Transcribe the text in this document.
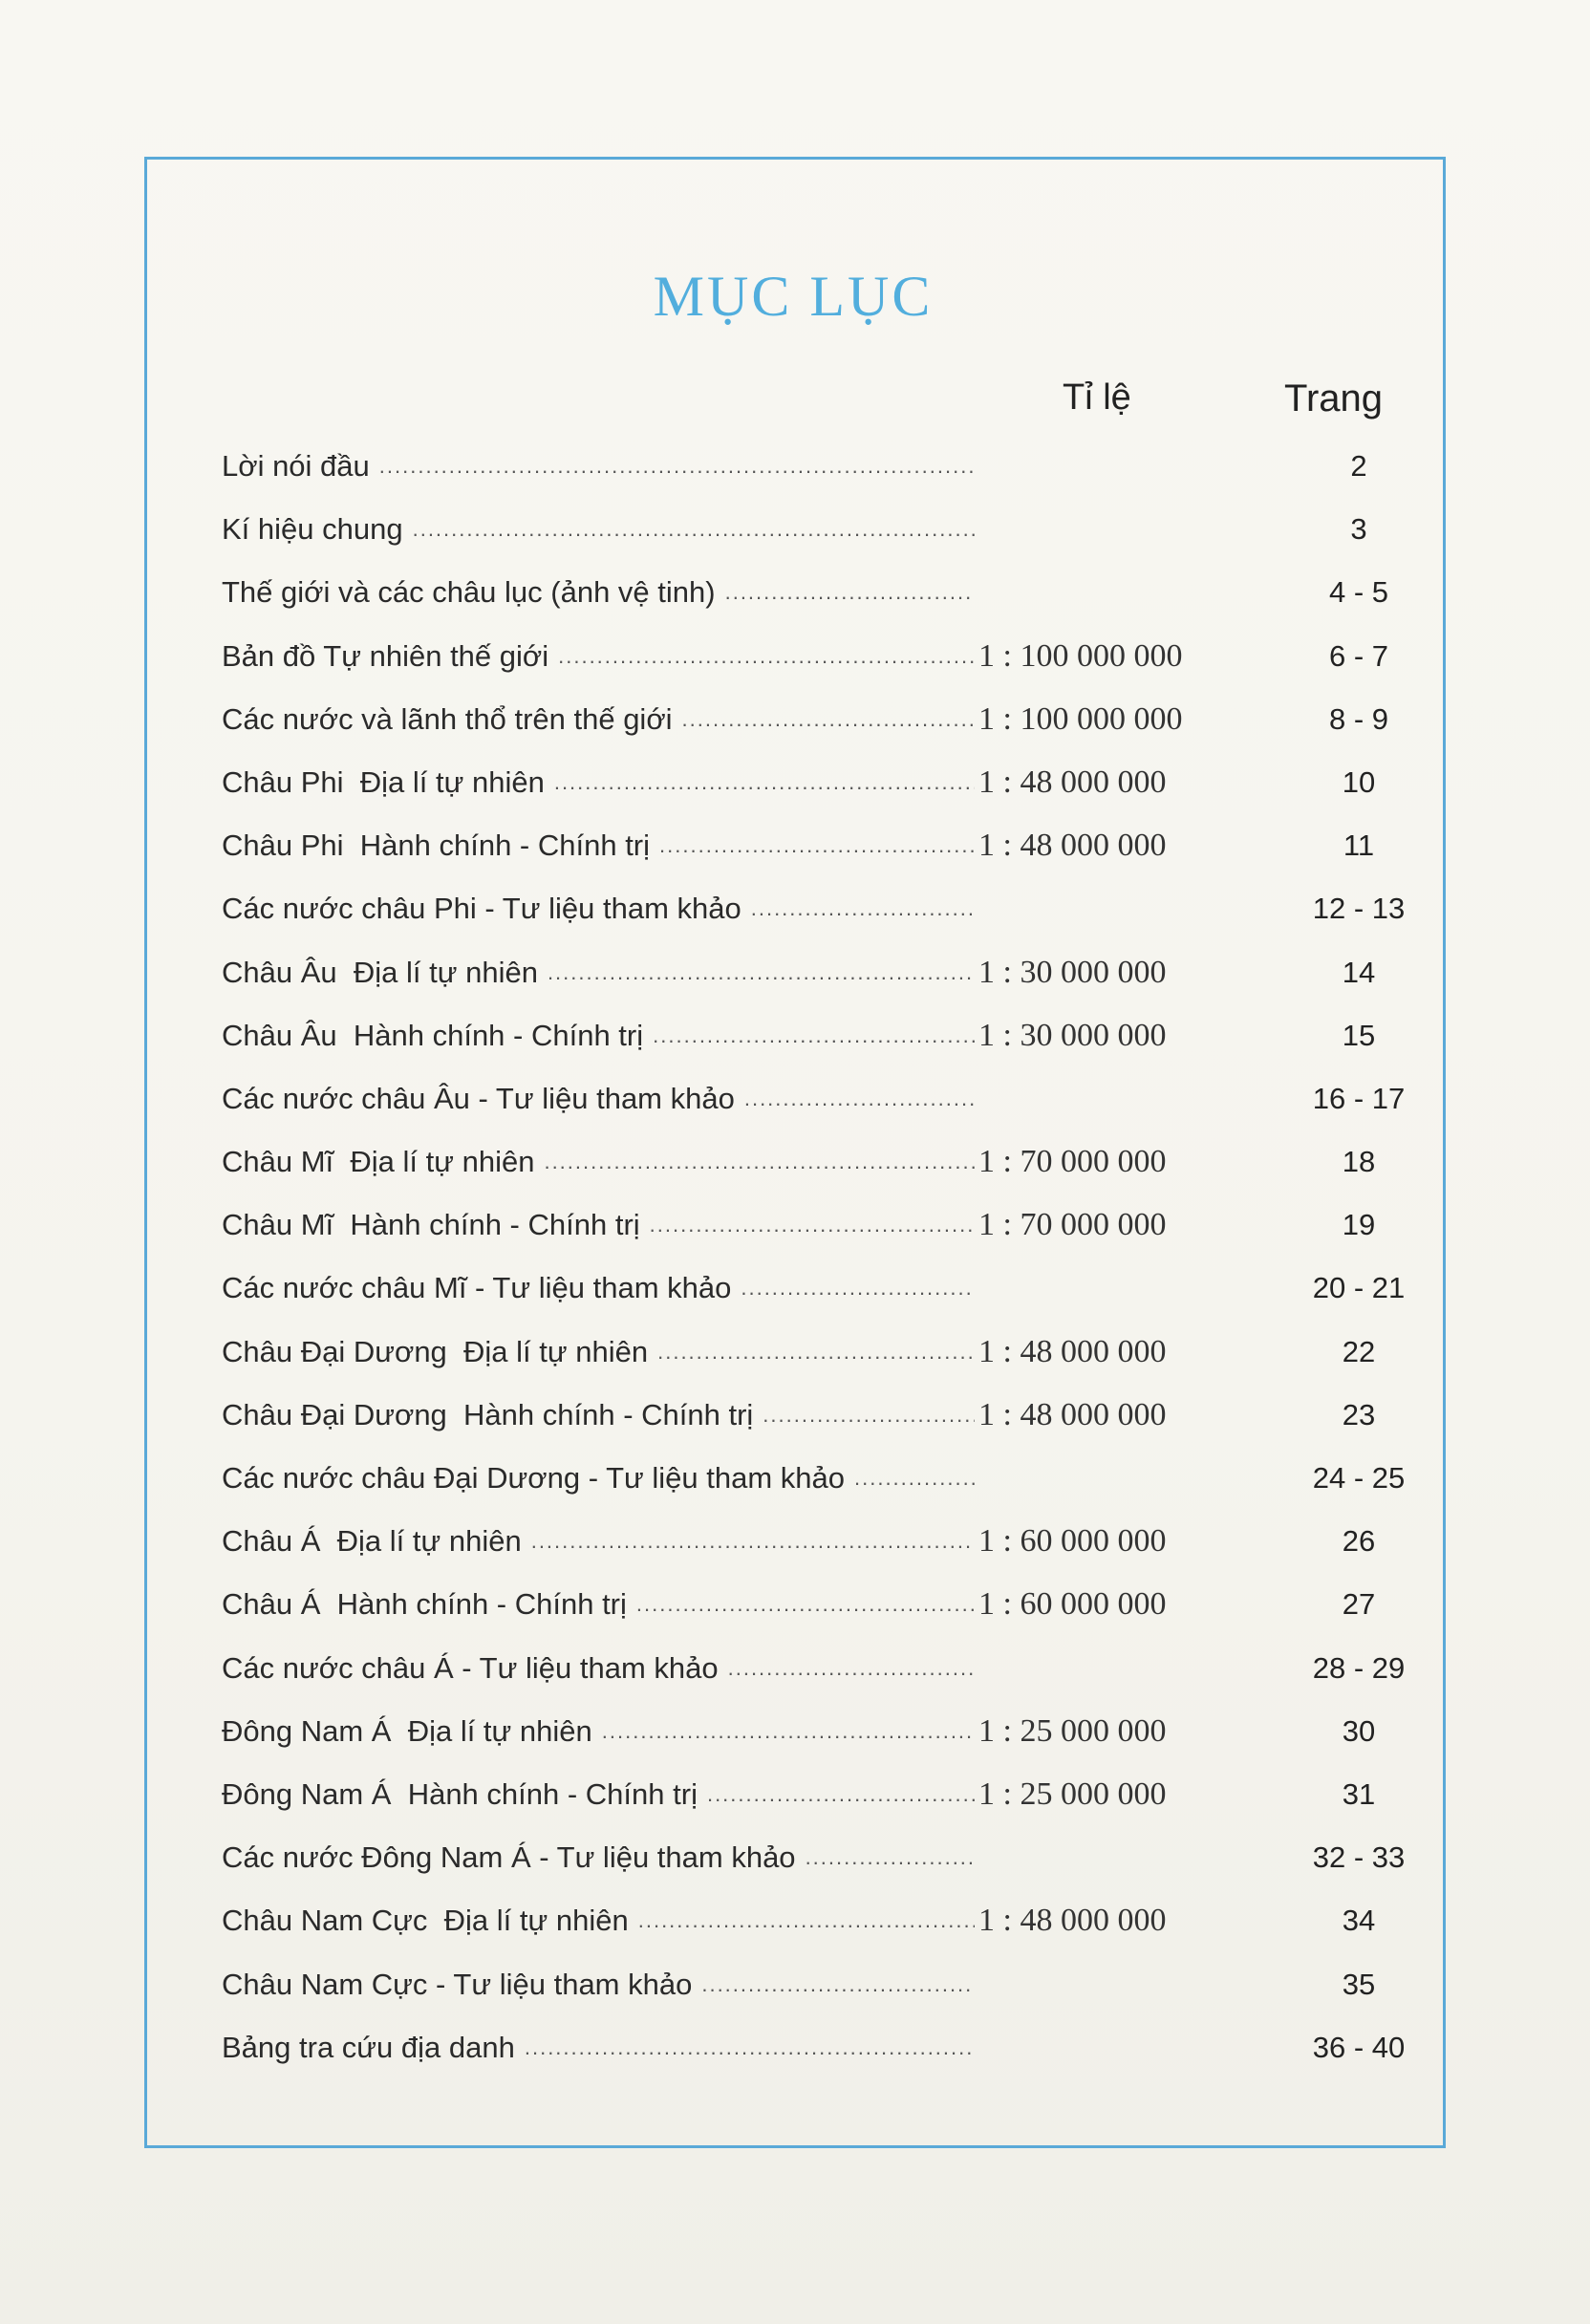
MỤC LỤC
Tỉ lệ	Trang
Lời nói đầu .....	2
Kí hiệu chung .....	3
Thế giới và các châu lục (ảnh vệ tinh) .....	4 - 5
Bản đồ Tự nhiên thế giới .....	1 : 100 000 000	6 - 7
Các nước và lãnh thổ trên thế giới .....	1 : 100 000 000	8 - 9
Châu Phi  Địa lí tự nhiên .....	1 : 48 000 000	10
Châu Phi  Hành chính - Chính trị .....	1 : 48 000 000	11
Các nước châu Phi - Tư liệu tham khảo .....	12 - 13
Châu Âu  Địa lí tự nhiên .....	1 : 30 000 000	14
Châu Âu  Hành chính - Chính trị .....	1 : 30 000 000	15
Các nước châu Âu - Tư liệu tham khảo .....	16 - 17
Châu Mĩ  Địa lí tự nhiên .....	1 : 70 000 000	18
Châu Mĩ  Hành chính - Chính trị .....	1 : 70 000 000	19
Các nước châu Mĩ - Tư liệu tham khảo .....	20 - 21
Châu Đại Dương  Địa lí tự nhiên .....	1 : 48 000 000	22
Châu Đại Dương  Hành chính - Chính trị .....	1 : 48 000 000	23
Các nước châu Đại Dương - Tư liệu tham khảo .....	24 - 25
Châu Á  Địa lí tự nhiên .....	1 : 60 000 000	26
Châu Á  Hành chính - Chính trị .....	1 : 60 000 000	27
Các nước châu Á - Tư liệu tham khảo .....	28 - 29
Đông Nam Á  Địa lí tự nhiên .....	1 : 25 000 000	30
Đông Nam Á  Hành chính - Chính trị .....	1 : 25 000 000	31
Các nước Đông Nam Á - Tư liệu tham khảo .....	32 - 33
Châu Nam Cực  Địa lí tự nhiên .....	1 : 48 000 000	34
Châu Nam Cực - Tư liệu tham khảo .....	35
Bảng tra cứu địa danh .....	36 - 40
